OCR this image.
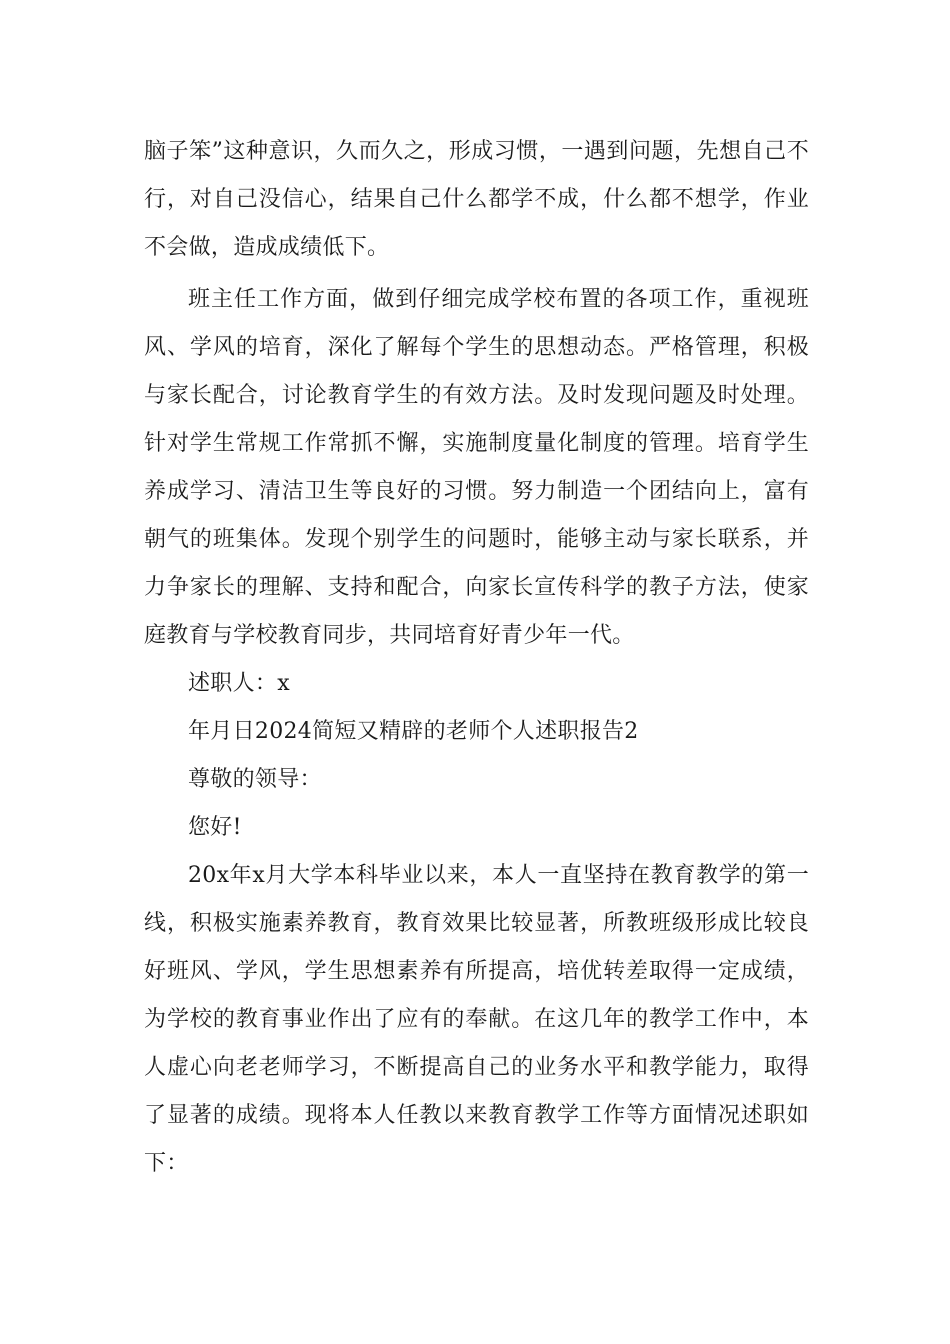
脑子笨”这种意识，久而久之，形成习惯，一遇到问题，先想自己不行，对自己没信心，结果自己什么都学不成，什么都不想学，作业不会做，造成成绩低下。

班主任工作方面，做到仔细完成学校布置的各项工作，重视班风、学风的培育，深化了解每个学生的思想动态。严格管理，积极与家长配合，讨论教育学生的有效方法。及时发现问题及时处理。针对学生常规工作常抓不懈，实施制度量化制度的管理。培育学生养成学习、清洁卫生等良好的习惯。努力制造一个团结向上，富有朝气的班集体。发现个别学生的问题时，能够主动与家长联系，并力争家长的理解、支持和配合，向家长宣传科学的教子方法，使家庭教育与学校教育同步，共同培育好青少年一代。

述职人：x

年月日2024简短又精辟的老师个人述职报告2

尊敬的领导：

您好!

20x年x月大学本科毕业以来，本人一直坚持在教育教学的第一线，积极实施素养教育，教育效果比较显著，所教班级形成比较良好班风、学风，学生思想素养有所提高，培优转差取得一定成绩，为学校的教育事业作出了应有的奉献。在这几年的教学工作中，本人虚心向老老师学习，不断提高自己的业务水平和教学能力，取得了显著的成绩。现将本人任教以来教育教学工作等方面情况述职如下：
